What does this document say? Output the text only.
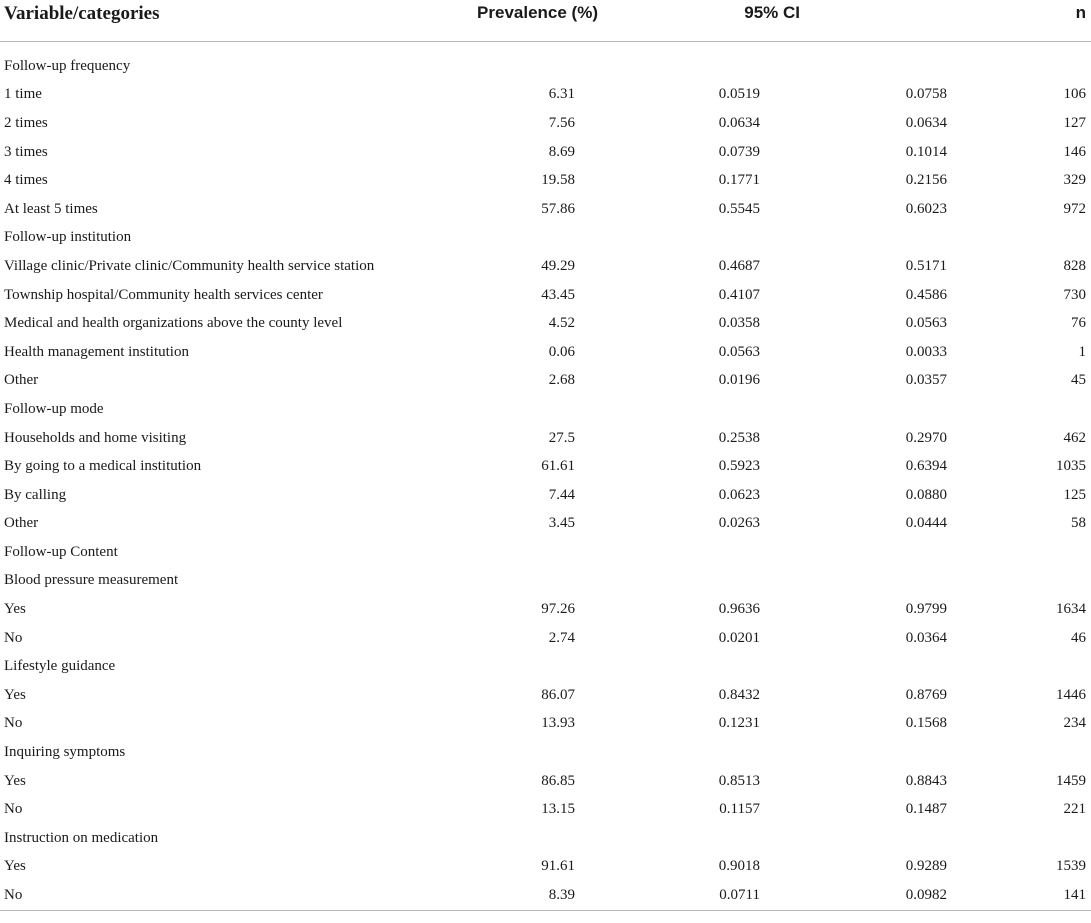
Variable/categories	Prevalence (%)	95% CI		n
Follow-up frequency				
1 time	6.31	0.0519	0.0758	106
2 times	7.56	0.0634	0.0634	127
3 times	8.69	0.0739	0.1014	146
4 times	19.58	0.1771	0.2156	329
At least 5 times	57.86	0.5545	0.6023	972
Follow-up institution				
Village clinic/Private clinic/Community health service station	49.29	0.4687	0.5171	828
Township hospital/Community health services center	43.45	0.4107	0.4586	730
Medical and health organizations above the county level	4.52	0.0358	0.0563	76
Health management institution	0.06	0.0563	0.0033	1
Other	2.68	0.0196	0.0357	45
Follow-up mode				
Households and home visiting	27.5	0.2538	0.2970	462
By going to a medical institution	61.61	0.5923	0.6394	1035
By calling	7.44	0.0623	0.0880	125
Other	3.45	0.0263	0.0444	58
Follow-up Content				
Blood pressure measurement				
Yes	97.26	0.9636	0.9799	1634
No	2.74	0.0201	0.0364	46
Lifestyle guidance				
Yes	86.07	0.8432	0.8769	1446
No	13.93	0.1231	0.1568	234
Inquiring symptoms				
Yes	86.85	0.8513	0.8843	1459
No	13.15	0.1157	0.1487	221
Instruction on medication				
Yes	91.61	0.9018	0.9289	1539
No	8.39	0.0711	0.0982	141
